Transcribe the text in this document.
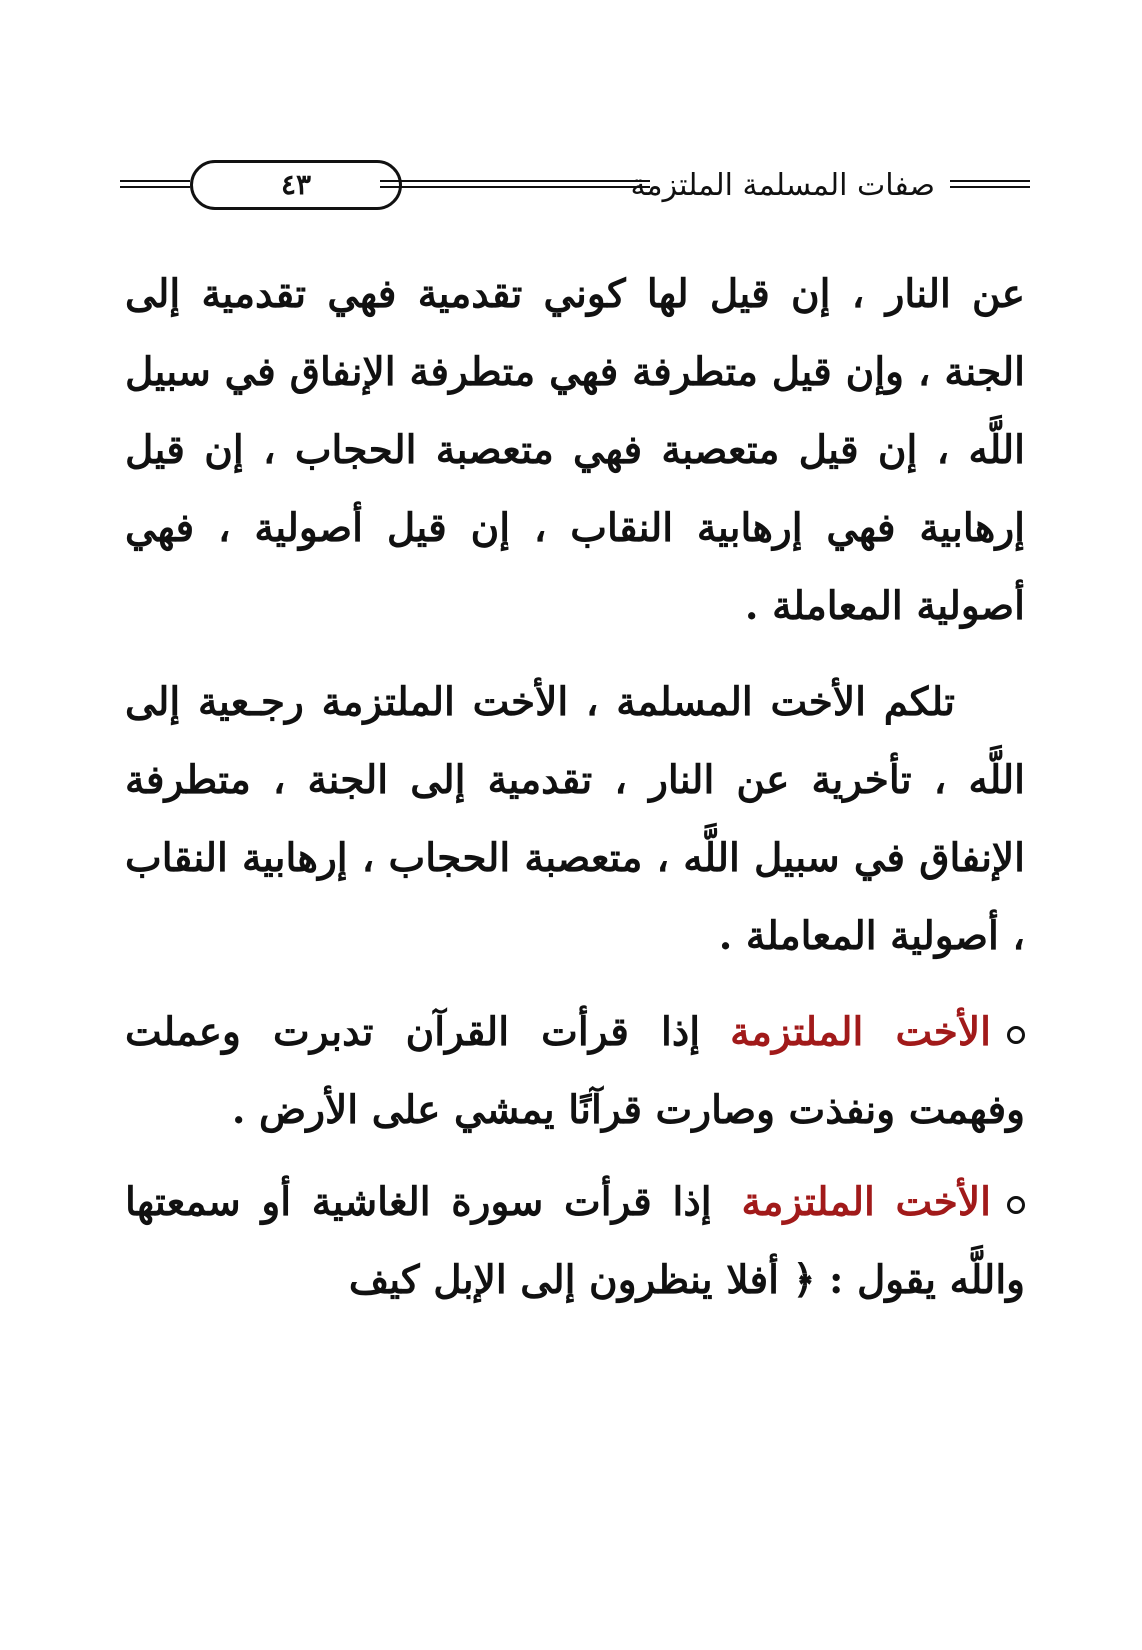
صفات المسلمة الملتزمة
٤٣

عن النار ، إن قيل لها كوني تقدمية فهي تقدمية إلى الجنة ، وإن قيل متطرفة فهي متطرفة الإنفاق في سبيل اللَّه ، إن قيل متعصبة فهي متعصبة الحجاب ، إن قيل إرهابية فهي إرهابية النقاب ، إن قيل أصولية ، فهي أصولية المعاملة .

تلكم الأخت المسلمة ، الأخت الملتزمة رجـعية إلى اللَّه ، تأخرية عن النار ، تقدمية إلى الجنة ، متطرفة الإنفاق في سبيل اللَّه ، متعصبة الحجاب ، إرهابية النقاب ، أصولية المعاملة .

الأخت الملتزمةإذا قرأت القرآن تدبرت وعملت وفهمت ونفذت وصارت قرآنًا يمشي على الأرض .

الأخت الملتزمةإذا قرأت سورة الغاشية أو سمعتها واللَّه يقول : ﴿ أفلا ينظرون إلى الإبل كيف
